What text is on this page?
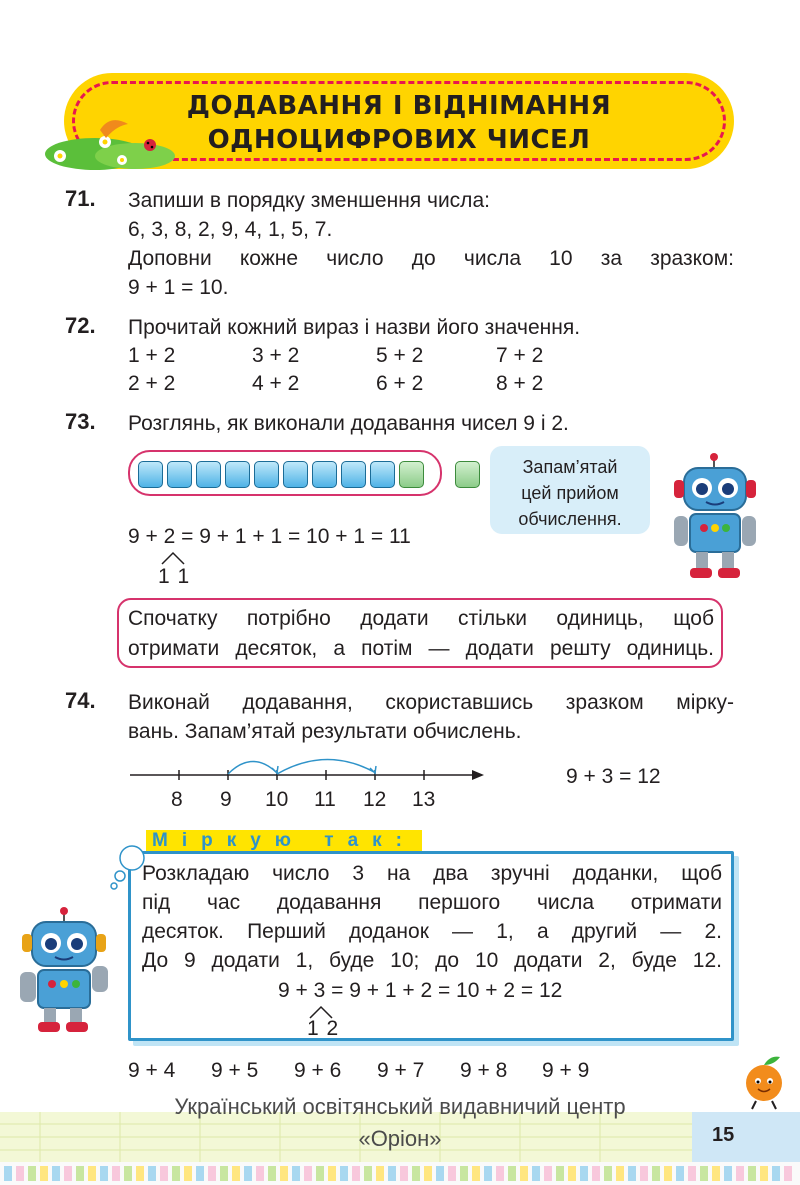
ДОДАВАННЯ І ВІДНІМАННЯ
ОДНОЦИФРОВИХ ЧИСЕЛ
71. Запиши в порядку зменшення числа:
6, 3, 8, 2, 9, 4, 1, 5, 7.
Доповни кожне число до числа 10 за зразком:
9 + 1 = 10.
72. Прочитай кожний вираз і назви його значення.
1 + 2	3 + 2	5 + 2	7 + 2
2 + 2	4 + 2	6 + 2	8 + 2
73. Розглянь, як виконали додавання чисел 9 і 2.
Запам’ятай
цей прийом
обчислення.
9 + 2 = 9 + 1 + 1 = 10 + 1 = 11
1 1
Спочатку потрібно додати стільки одиниць, щоб
отримати десяток, а потім — додати решту одиниць.
74. Виконай додавання, скориставшись зразком мірку-
вань. Запам’ятай результати обчислень.
8 9 10 11 12 13
9 + 3 = 12
Міркую так:
Розкладаю число 3 на два зручні доданки, щоб
під час додавання першого числа отримати
десяток. Перший доданок — 1, а другий — 2.
До 9 додати 1, буде 10; до 10 додати 2, буде 12.
9 + 3 = 9 + 1 + 2 = 10 + 2 = 12
1 2
9 + 4 9 + 5 9 + 6 9 + 7 9 + 8 9 + 9
Український освітянський видавничий центр
«Оріон»	15
